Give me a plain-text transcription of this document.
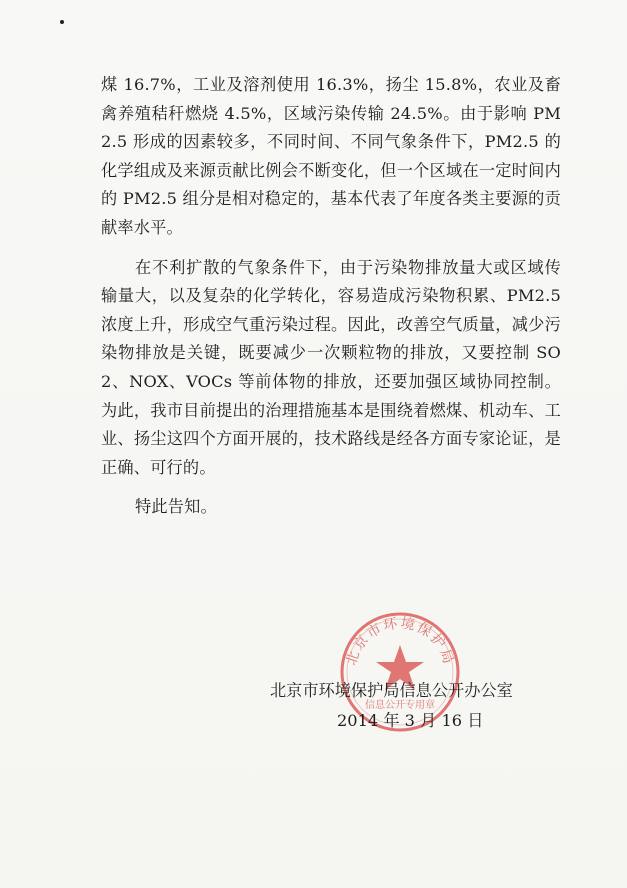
煤 16.7%，工业及溶剂使用 16.3%，扬尘 15.8%，农业及畜禽养殖秸秆燃烧 4.5%，区域污染传输 24.5%。由于影响 PM2.5 形成的因素较多，不同时间、不同气象条件下，PM2.5 的化学组成及来源贡献比例会不断变化，但一个区域在一定时间内的 PM2.5 组分是相对稳定的，基本代表了年度各类主要源的贡献率水平。

在不利扩散的气象条件下，由于污染物排放量大或区域传输量大，以及复杂的化学转化，容易造成污染物积累、PM2.5 浓度上升，形成空气重污染过程。因此，改善空气质量，减少污染物排放是关键，既要减少一次颗粒物的排放，又要控制 SO2、NOX、VOCs 等前体物的排放，还要加强区域协同控制。为此，我市目前提出的治理措施基本是围绕着燃煤、机动车、工业、扬尘这四个方面开展的，技术路线是经各方面专家论证，是正确、可行的。

特此告知。

北京市环境保护局
信息公开专用章
北京市环境保护局信息公开办公室
2014 年 3 月 16 日
